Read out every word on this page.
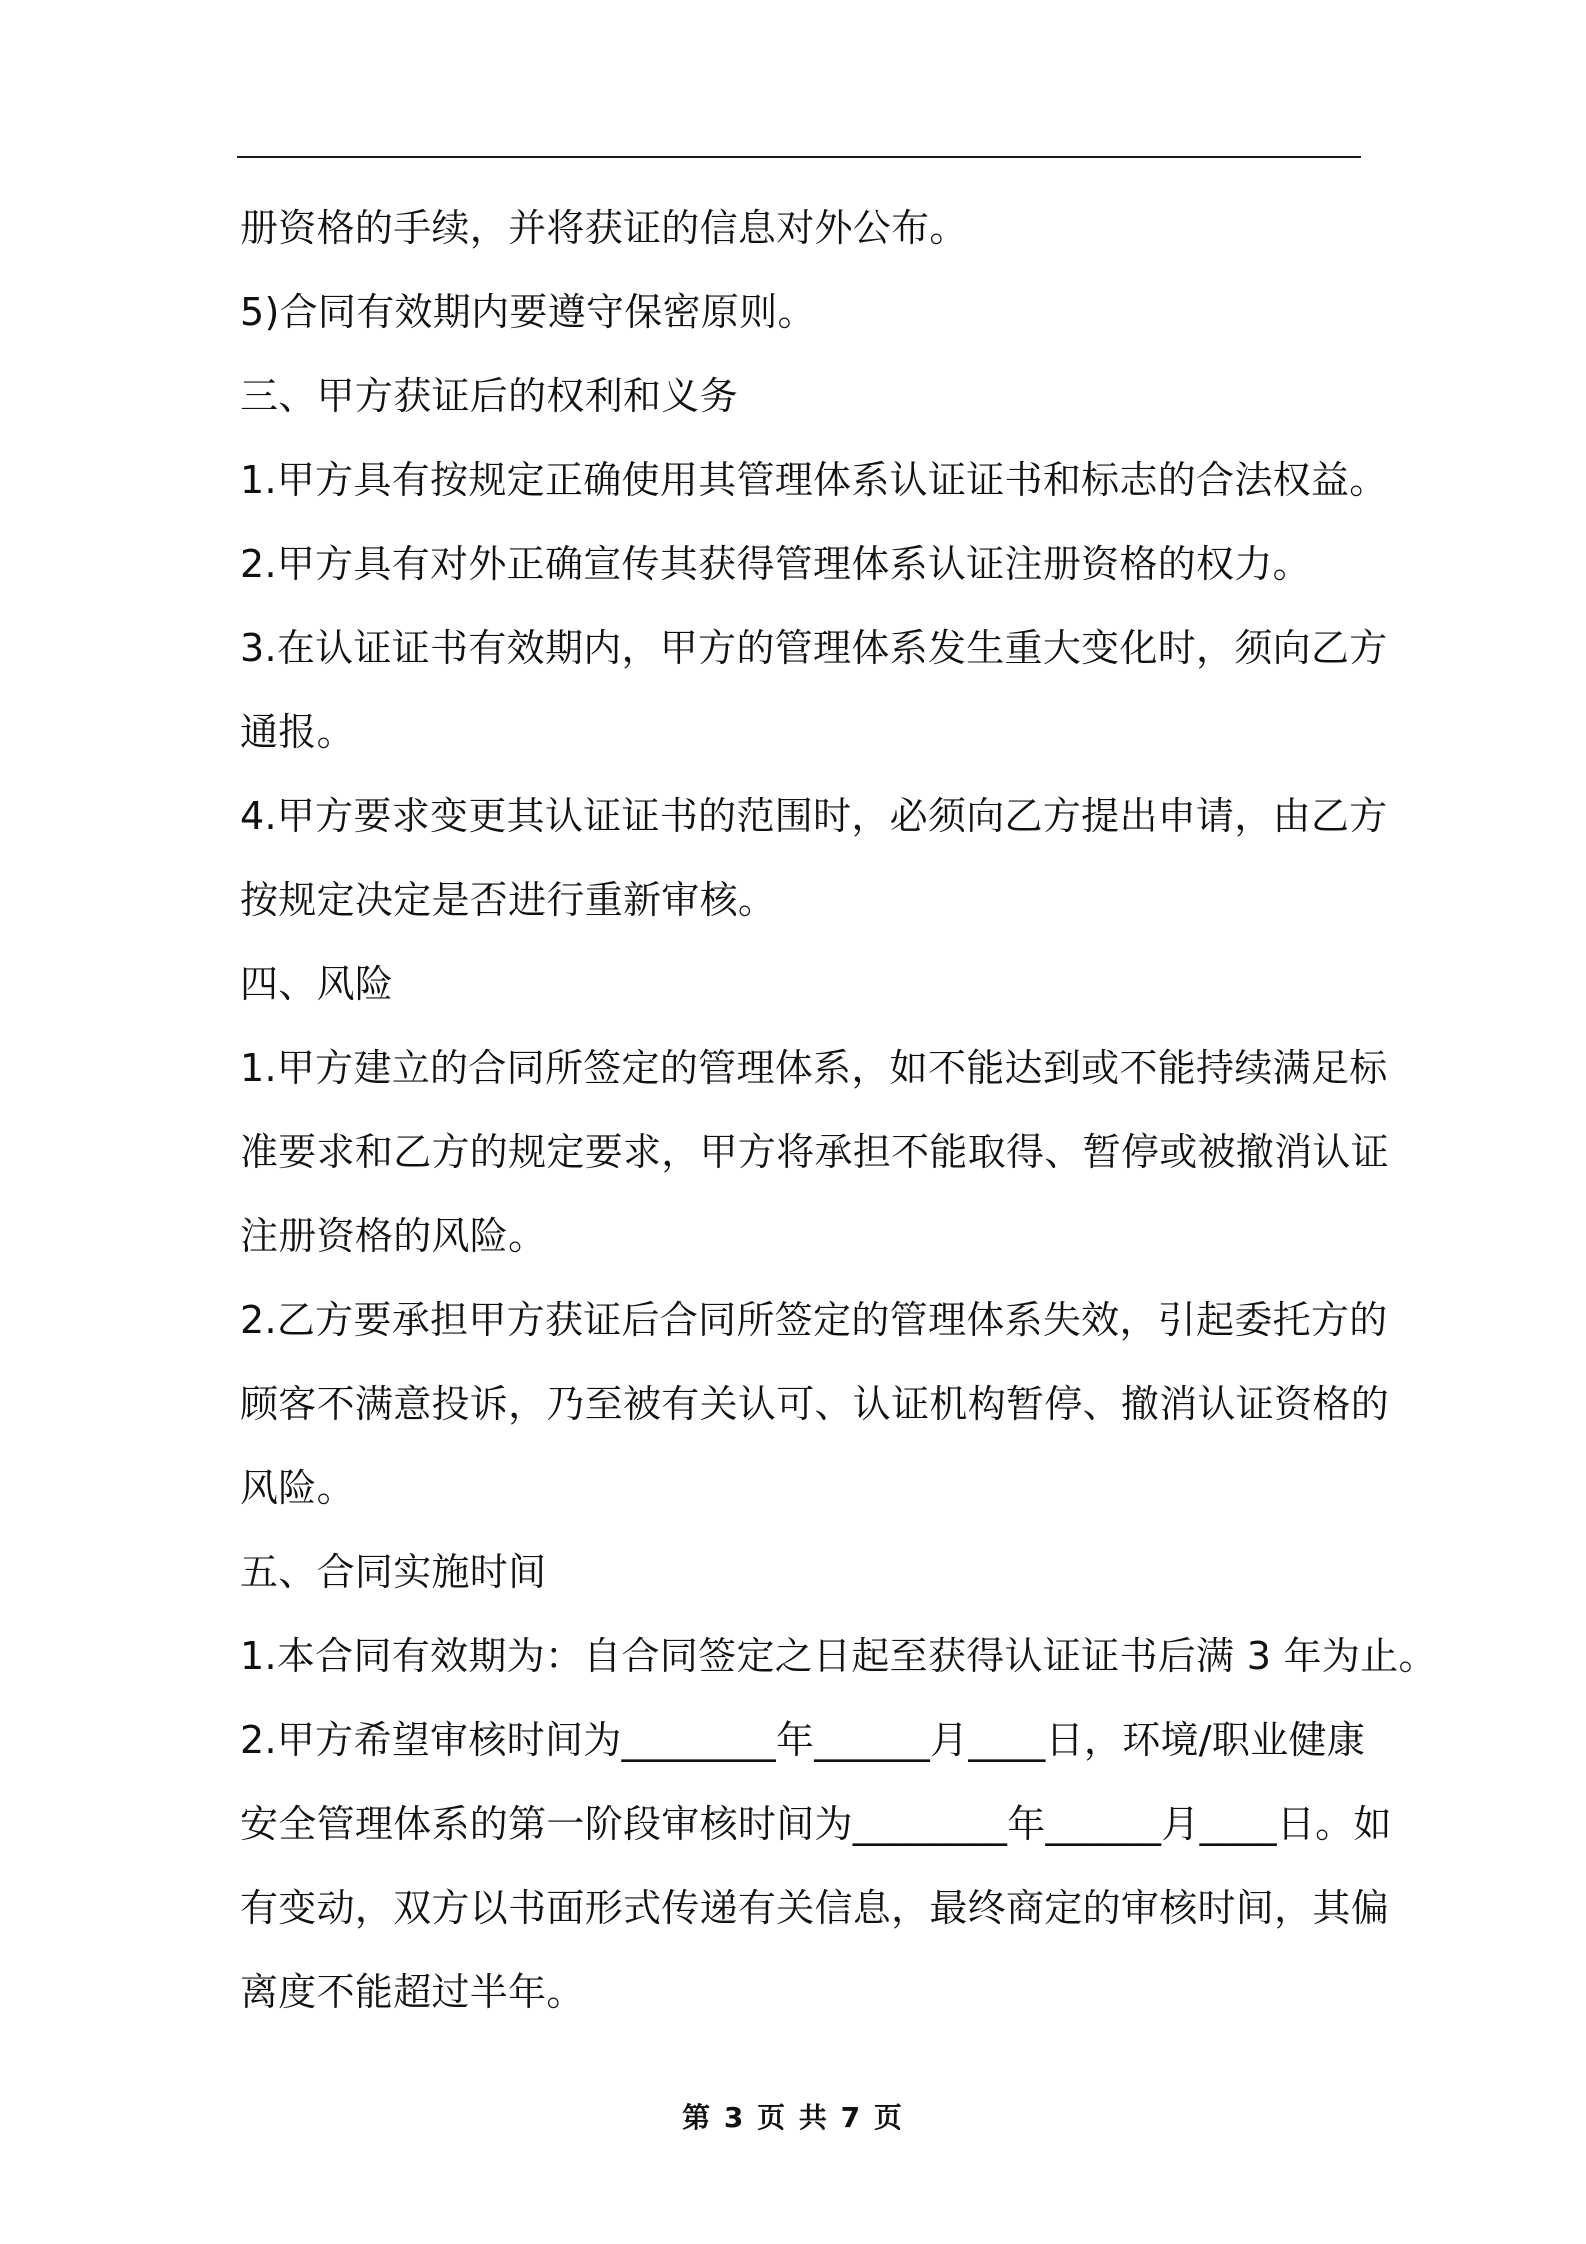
册资格的手续，并将获证的信息对外公布。
5)合同有效期内要遵守保密原则。
三、甲方获证后的权利和义务
1.甲方具有按规定正确使用其管理体系认证证书和标志的合法权益。
2.甲方具有对外正确宣传其获得管理体系认证注册资格的权力。
3.在认证证书有效期内，甲方的管理体系发生重大变化时，须向乙方
通报。
4.甲方要求变更其认证证书的范围时，必须向乙方提出申请，由乙方
按规定决定是否进行重新审核。
四、风险
1.甲方建立的合同所签定的管理体系，如不能达到或不能持续满足标
准要求和乙方的规定要求，甲方将承担不能取得、暂停或被撤消认证
注册资格的风险。
2.乙方要承担甲方获证后合同所签定的管理体系失效，引起委托方的
顾客不满意投诉，乃至被有关认可、认证机构暂停、撤消认证资格的
风险。
五、合同实施时间
1.本合同有效期为：自合同签定之日起至获得认证证书后满 3 年为止。
2.甲方希望审核时间为________年______月____日，环境/职业健康
安全管理体系的第一阶段审核时间为________年______月____日。如
有变动，双方以书面形式传递有关信息，最终商定的审核时间，其偏
离度不能超过半年。
第 3 页 共 7 页
